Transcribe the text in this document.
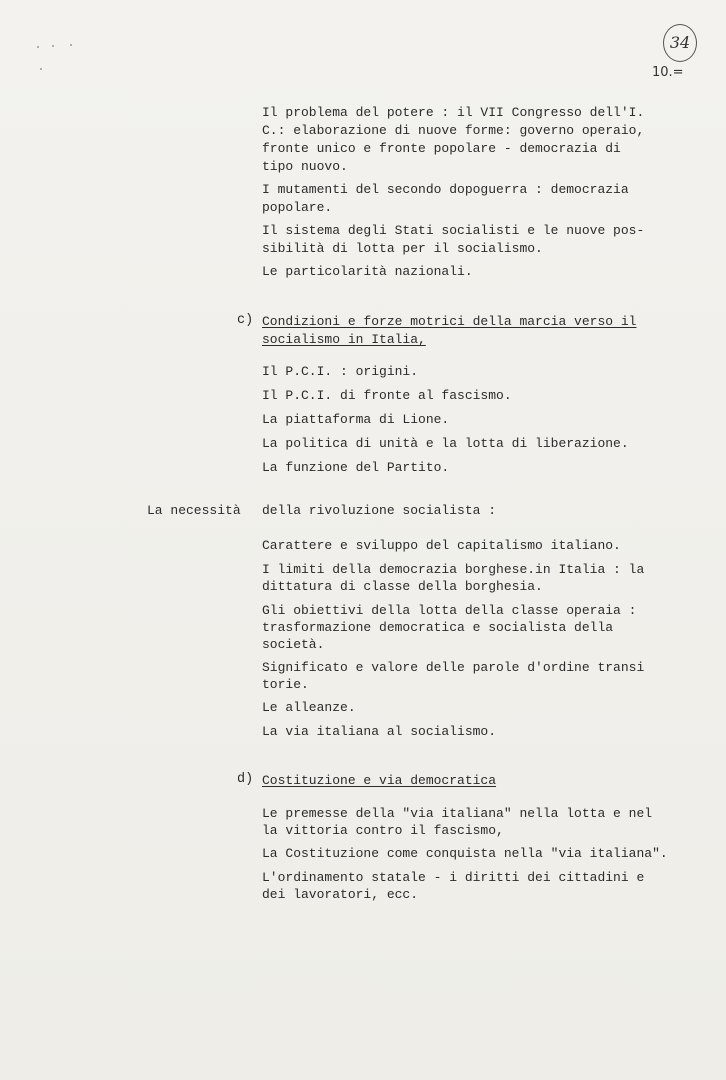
34
10.=
Il problema del potere : il VII Congresso dell'I.
C.: elaborazione di nuove forme: governo operaio,
fronte unico e fronte popolare - democrazia di
tipo nuovo.
I mutamenti del secondo dopoguerra : democrazia
popolare.
Il sistema degli Stati socialisti e le nuove pos-
sibilità di lotta per il socialismo.
Le particolarità nazionali.
c) Condizioni e forze motrici della marcia verso il
socialismo in Italia,
Il P.C.I. : origini.
Il P.C.I. di fronte al fascismo.
La piattaforma di Lione.
La politica di unità e la lotta di liberazione.
La funzione del Partito.
La necessità della rivoluzione socialista :
Carattere e sviluppo del capitalismo italiano.
I limiti della democrazia borghese.in Italia : la
dittatura di classe della borghesia.
Gli obiettivi della lotta della classe operaia :
trasformazione democratica e socialista della
società.
Significato e valore delle parole d'ordine transi
torie.
Le alleanze.
La via italiana al socialismo.
d) Costituzione e via democratica
Le premesse della "via italiana" nella lotta e nel
la vittoria contro il fascismo,
La Costituzione come conquista nella "via italiana".
L'ordinamento statale - i diritti dei cittadini e
dei lavoratori, ecc.
